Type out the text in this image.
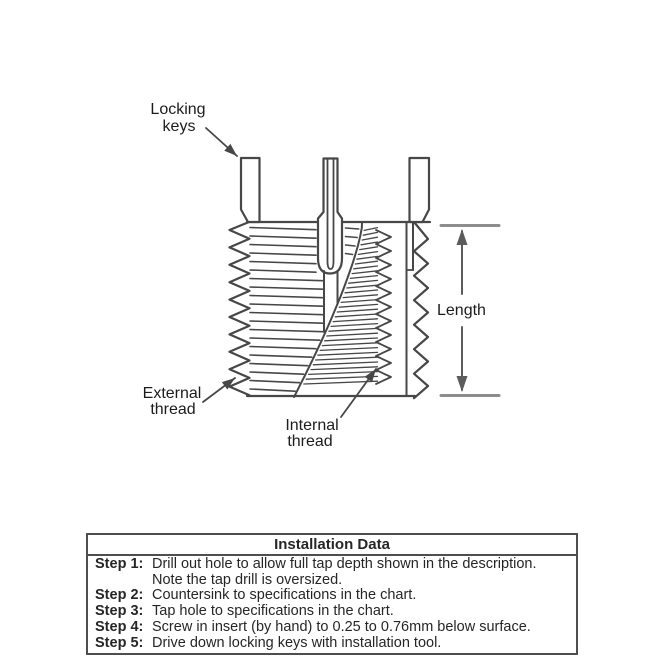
Locking
keys
Length
External
thread
Internal
thread
Installation Data
Step 1: Drill out hole to allow full tap depth shown in the description.
Note the tap drill is oversized.
Step 2: Countersink to specifications in the chart.
Step 3: Tap hole to specifications in the chart.
Step 4: Screw in insert (by hand) to 0.25 to 0.76mm below surface.
Step 5: Drive down locking keys with installation tool.
